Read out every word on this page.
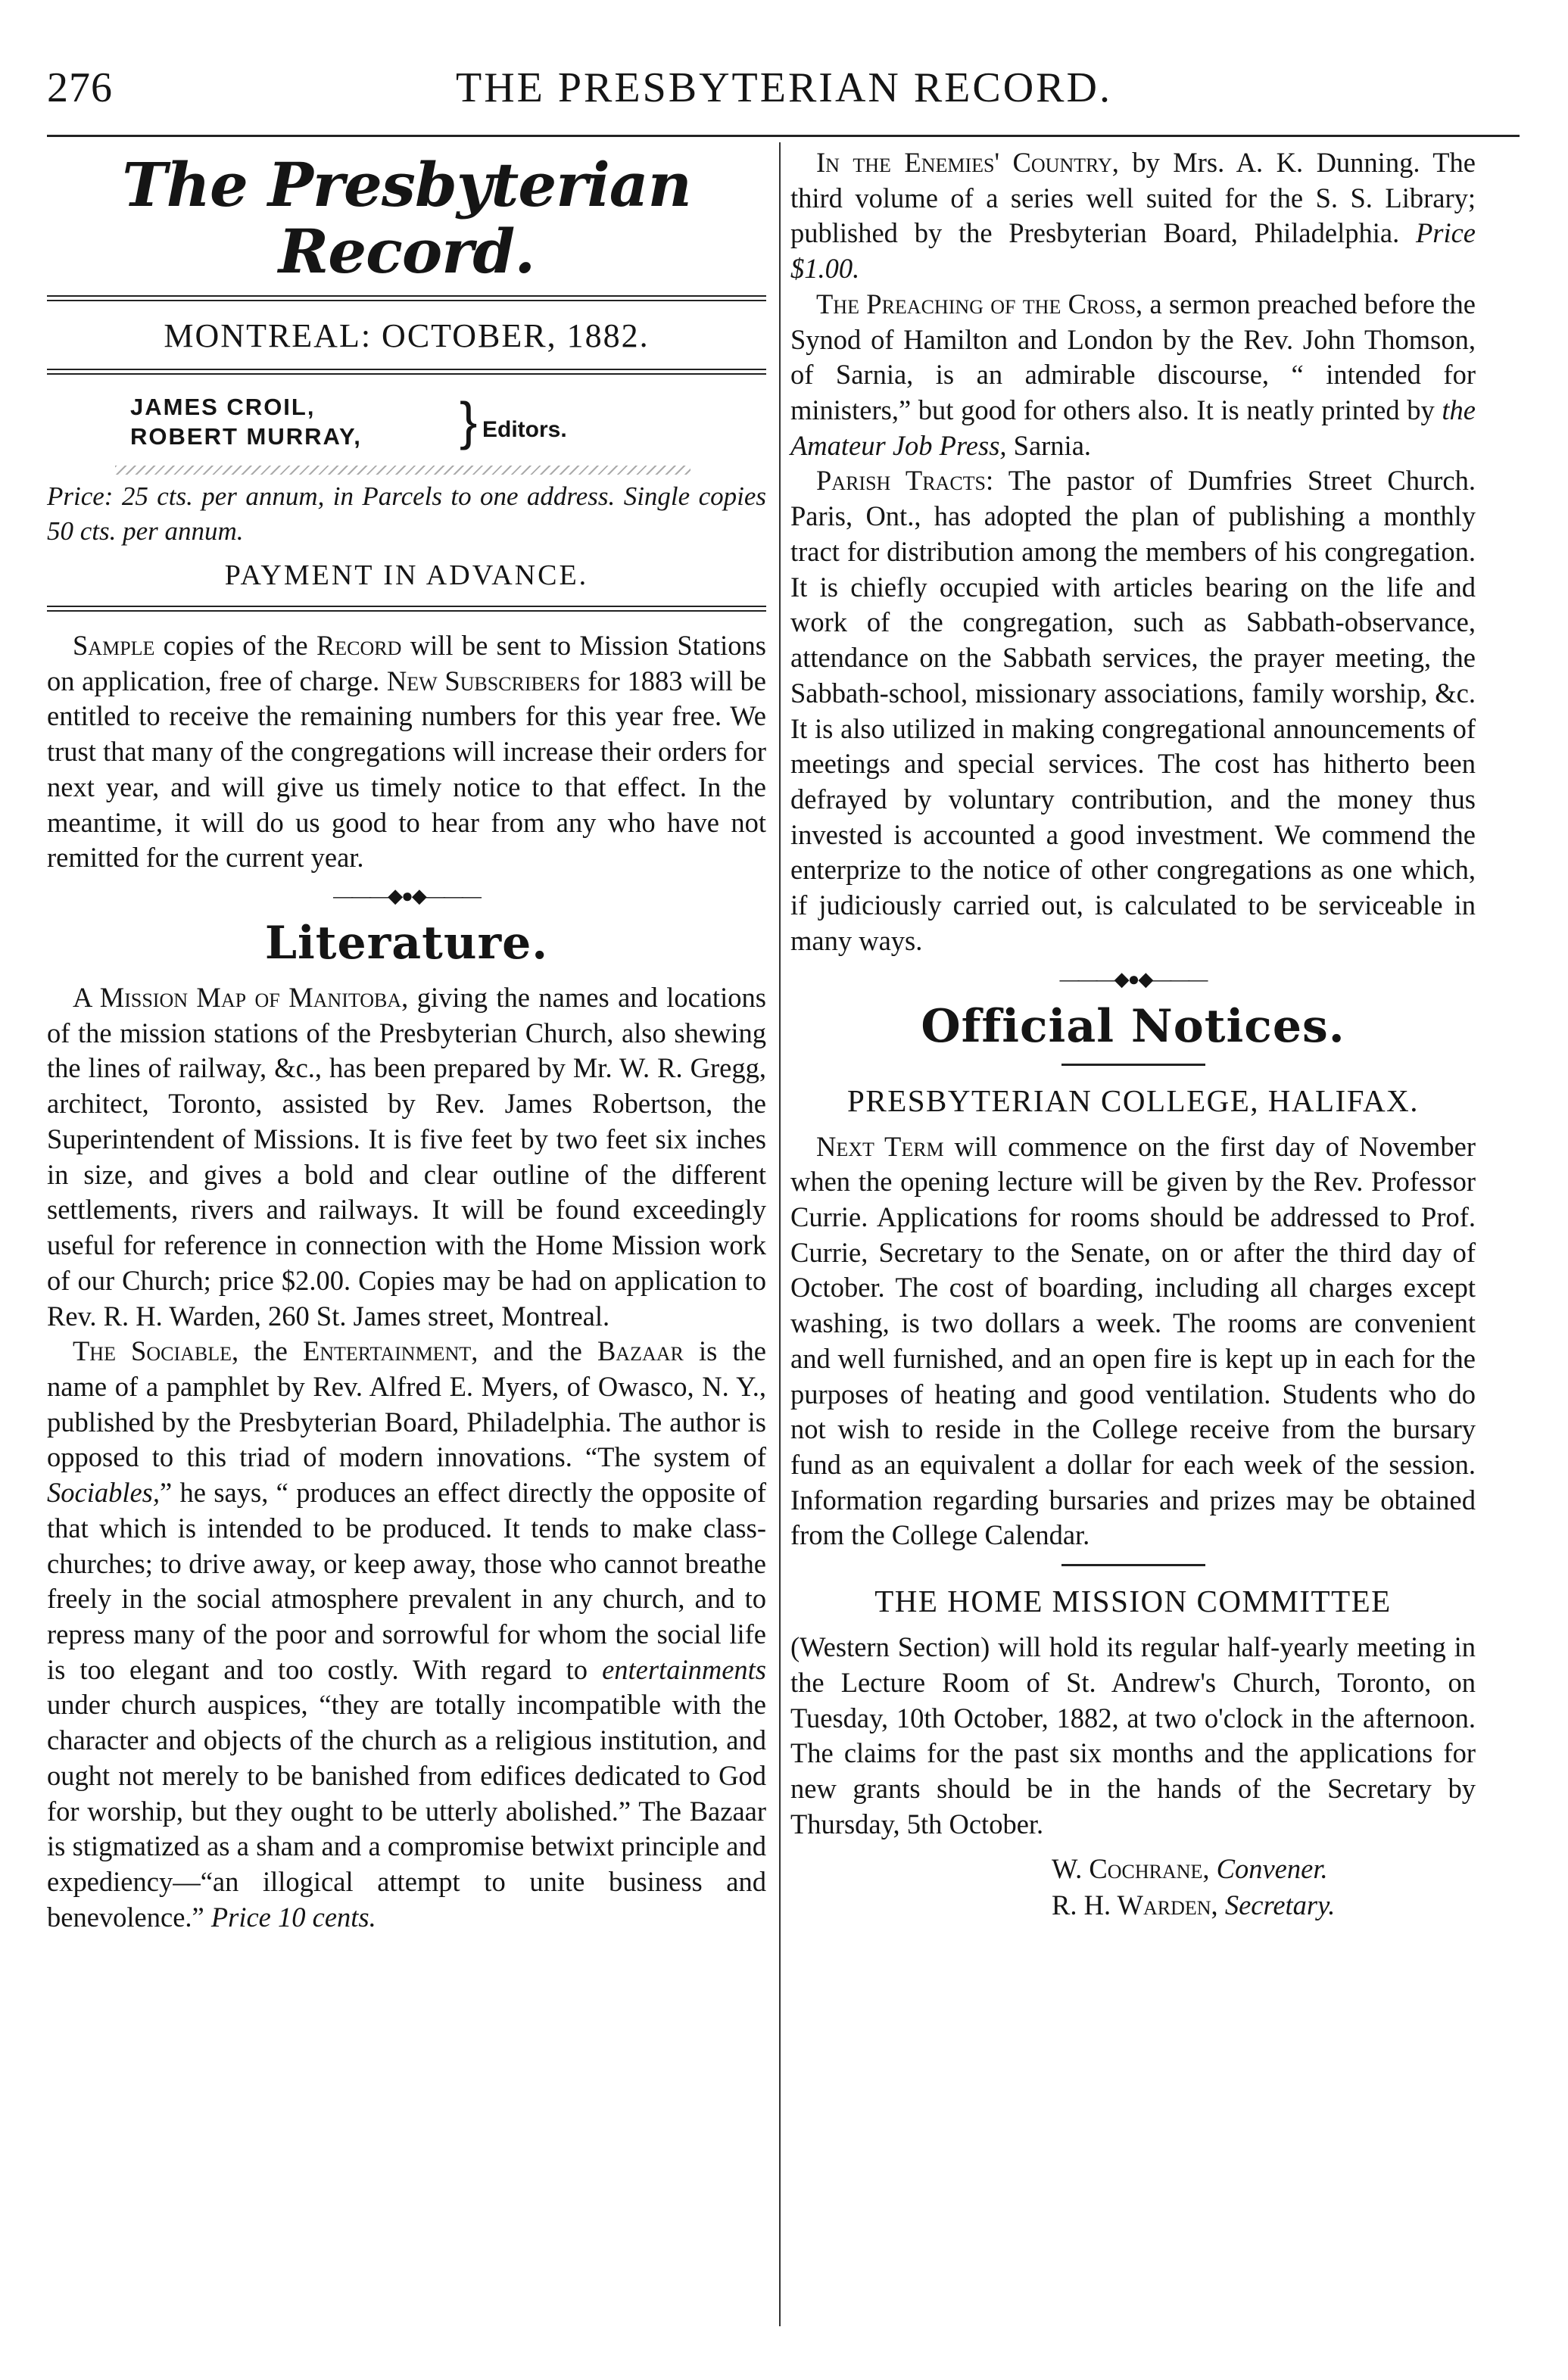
276	THE PRESBYTERIAN RECORD.
The Presbyterian Record.
MONTREAL: OCTOBER, 1882.
JAMES CROIL,
ROBERT MURRAY,	} Editors.

Price: 25 cts. per annum, in Parcels to one address. Single copies 50 cts. per annum.

PAYMENT IN ADVANCE.

Sample copies of the Record will be sent to Mission Stations on application, free of charge. New Subscribers for 1883 will be entitled to receive the remaining numbers for this year free. We trust that many of the congregations will increase their orders for next year, and will give us timely notice to that effect. In the meantime, it will do us good to hear from any who have not remitted for the current year.

———◆●◆———
Literature.

A Mission Map of Manitoba, giving the names and locations of the mission stations of the Presbyterian Church, also shewing the lines of railway, &c., has been prepared by Mr. W. R. Gregg, architect, Toronto, assisted by Rev. James Robertson, the Superintendent of Missions. It is five feet by two feet six inches in size, and gives a bold and clear outline of the different settlements, rivers and railways. It will be found exceedingly useful for reference in connection with the Home Mission work of our Church; price $2.00. Copies may be had on application to Rev. R. H. Warden, 260 St. James street, Montreal.

The Sociable, the Entertainment, and the Bazaar is the name of a pamphlet by Rev. Alfred E. Myers, of Owasco, N. Y., published by the Presbyterian Board, Philadelphia. The author is opposed to this triad of modern innovations. “The system of Sociables,” he says, “ produces an effect directly the opposite of that which is intended to be produced. It tends to make class-churches; to drive away, or keep away, those who cannot breathe freely in the social atmosphere prevalent in any church, and to repress many of the poor and sorrowful for whom the social life is too elegant and too costly. With regard to entertainments under church auspices, “they are totally incompatible with the character and objects of the church as a religious institution, and ought not merely to be banished from edifices dedicated to God for worship, but they ought to be utterly abolished.” The Bazaar is stigmatized as a sham and a compromise betwixt principle and expediency—“an illogical attempt to unite business and benevolence.” Price 10 cents.

In the Enemies' Country, by Mrs. A. K. Dunning. The third volume of a series well suited for the S. S. Library; published by the Presbyterian Board, Philadelphia. Price $1.00.

The Preaching of the Cross, a sermon preached before the Synod of Hamilton and London by the Rev. John Thomson, of Sarnia, is an admirable discourse, “ intended for ministers,” but good for others also. It is neatly printed by the Amateur Job Press, Sarnia.

Parish Tracts: The pastor of Dumfries Street Church. Paris, Ont., has adopted the plan of publishing a monthly tract for distribution among the members of his congregation. It is chiefly occupied with articles bearing on the life and work of the congregation, such as Sabbath-observance, attendance on the Sabbath services, the prayer meeting, the Sabbath-school, missionary associations, family worship, &c. It is also utilized in making congregational announcements of meetings and special services. The cost has hitherto been defrayed by voluntary contribution, and the money thus invested is accounted a good investment. We commend the enterprize to the notice of other congregations as one which, if judiciously carried out, is calculated to be serviceable in many ways.

———◆●◆———
Official Notices.
PRESBYTERIAN COLLEGE, HALIFAX.

Next Term will commence on the first day of November when the opening lecture will be given by the Rev. Professor Currie. Applications for rooms should be addressed to Prof. Currie, Secretary to the Senate, on or after the third day of October. The cost of boarding, including all charges except washing, is two dollars a week. The rooms are convenient and well furnished, and an open fire is kept up in each for the purposes of heating and good ventilation. Students who do not wish to reside in the College receive from the bursary fund as an equivalent a dollar for each week of the session. Information regarding bursaries and prizes may be obtained from the College Calendar.

THE HOME MISSION COMMITTEE

(Western Section) will hold its regular half-yearly meeting in the Lecture Room of St. Andrew's Church, Toronto, on Tuesday, 10th October, 1882, at two o'clock in the afternoon. The claims for the past six months and the applications for new grants should be in the hands of the Secretary by Thursday, 5th October.

W. Cochrane, Convener.
R. H. Warden, Secretary.
